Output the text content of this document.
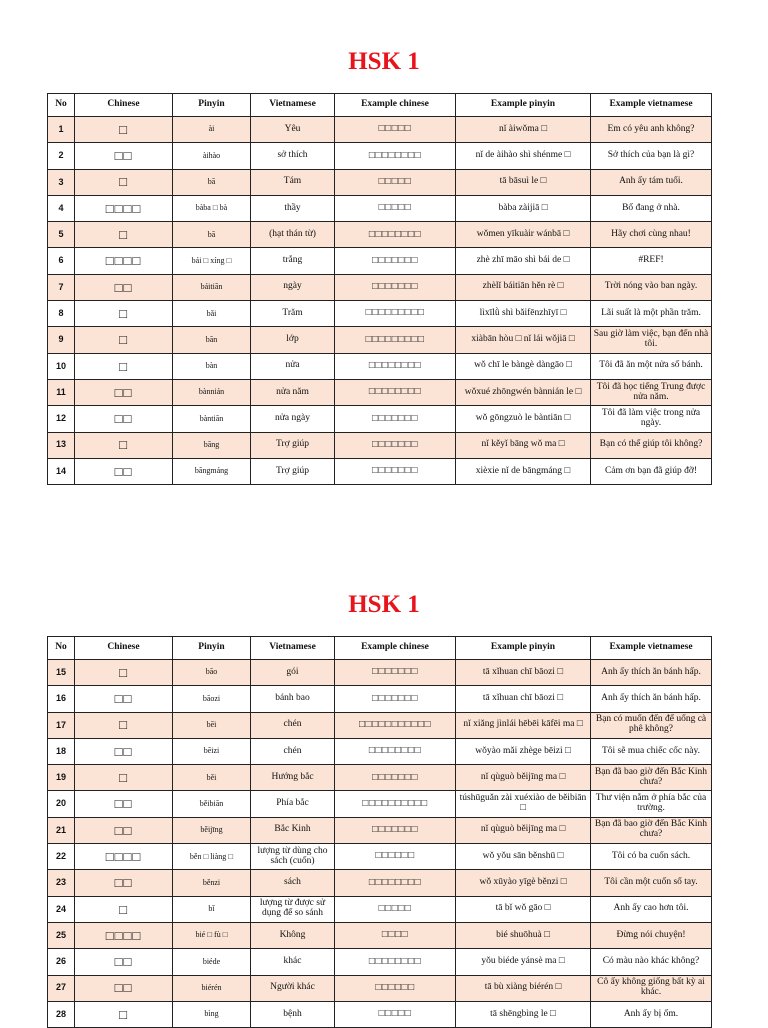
HSK 1
No	Chinese	Pinyin	Vietnamese	Example chinese	Example pinyin	Example vietnamese
1	□	ài	Yêu	□□□□□	nǐ àiwǒma □	Em có yêu anh không?
2	□□	àihào	sở thích	□□□□□□□□	nǐ de àihào shì shénme □	Sở thích của bạn là gì?
3	□	bā	Tám	□□□□□	tā bāsuì le □	Anh ấy tám tuổi.
4	□□□□	bàba □ bà	thầy	□□□□□	bàba zàijiā □	Bố đang ở nhà.
5	□	bā	(hạt thán từ)	□□□□□□□□	wǒmen yīkuàir wánbā □	Hãy chơi cùng nhau!
6	□□□□	bái □ xíng □	trắng	□□□□□□□	zhè zhī māo shì bái de □	#REF!
7	□□	báitiān	ngày	□□□□□□□	zhèlǐ báitiān hěn rè □	Trời nóng vào ban ngày.
8	□	bǎi	Trăm	□□□□□□□□□	lìxīlǜ shì bǎifēnzhīyī □	Lãi suất là một phần trăm.
9	□	bān	lớp	□□□□□□□□□	xiàbān hòu □ nǐ lái wǒjiā □	Sau giờ làm việc, bạn đến nhà tôi.
10	□	bàn	nửa	□□□□□□□□	wǒ chī le bàngè dàngāo □	Tôi đã ăn một nửa số bánh.
11	□□	bànnián	nửa năm	□□□□□□□□	wǒxué zhōngwén bànnián le □	Tôi đã học tiếng Trung được nửa năm.
12	□□	bàntiān	nửa ngày	□□□□□□□	wǒ gōngzuò le bàntiān □	Tôi đã làm việc trong nửa ngày.
13	□	bāng	Trợ giúp	□□□□□□□	nǐ kěyǐ bāng wǒ ma □	Bạn có thể giúp tôi không?
14	□□	bāngmáng	Trợ giúp	□□□□□□□	xièxie nǐ de bāngmáng □	Cảm ơn bạn đã giúp đỡ!
HSK 1
No	Chinese	Pinyin	Vietnamese	Example chinese	Example pinyin	Example vietnamese
15	□	bāo	gói	□□□□□□□	tā xǐhuan chī bāozi □	Anh ấy thích ăn bánh hấp.
16	□□	bāozi	bánh bao	□□□□□□□	tā xǐhuan chī bāozi □	Anh ấy thích ăn bánh hấp.
17	□	bēi	chén	□□□□□□□□□□□	nǐ xiǎng jìnlái hēbēi kāfēi ma □	Bạn có muốn đến để uống cà phê không?
18	□□	bēizi	chén	□□□□□□□□	wǒyào mǎi zhège bēizi □	Tôi sẽ mua chiếc cốc này.
19	□	běi	Hướng bắc	□□□□□□□	nǐ qùguò běijīng ma □	Bạn đã bao giờ đến Bắc Kinh chưa?
20	□□	běibiān	Phía bắc	□□□□□□□□□□	túshūguǎn zài xuéxiào de běibiān □	Thư viện nằm ở phía bắc của trường.
21	□□	běijīng	Bắc Kinh	□□□□□□□	nǐ qùguò běijīng ma □	Bạn đã bao giờ đến Bắc Kinh chưa?
22	□□□□	běn □ liàng □	lượng từ dùng cho sách (cuốn)	□□□□□□	wǒ yǒu sān běnshū □	Tôi có ba cuốn sách.
23	□□	běnzi	sách	□□□□□□□□	wǒ xūyào yīgè běnzi □	Tôi cần một cuốn sổ tay.
24	□	bǐ	lượng từ được sử dụng để so sánh	□□□□□	tā bǐ wǒ gāo □	Anh ấy cao hơn tôi.
25	□□□□	bié □ fù □	Không	□□□□	bié shuōhuà □	Đừng nói chuyện!
26	□□	biéde	khác	□□□□□□□□	yǒu biéde yánsè ma □	Có màu nào khác không?
27	□□	biérén	Người khác	□□□□□□	tā bù xiàng biérén □	Cô ấy không giống bất kỳ ai khác.
28	□	bìng	bệnh	□□□□□	tā shēngbìng le □	Anh ấy bị ốm.
